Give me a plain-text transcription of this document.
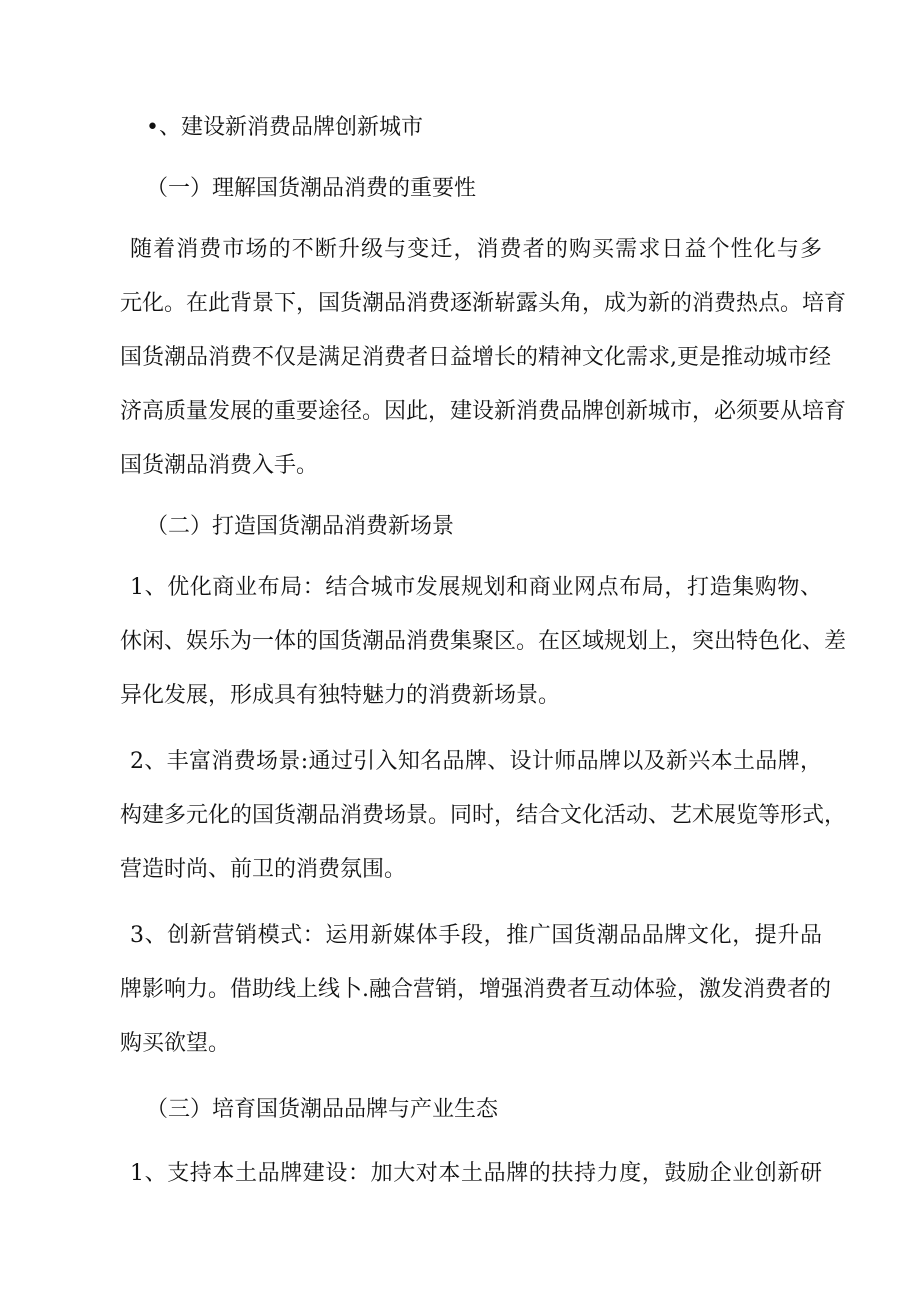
•、建设新消费品牌创新城市
（一）理解国货潮品消费的重要性
随着消费市场的不断升级与变迁，消费者的购买需求日益个性化与多
元化。在此背景下，国货潮品消费逐渐崭露头角，成为新的消费热点。培育
国货潮品消费不仅是满足消费者日益增长的精神文化需求,更是推动城市经
济高质量发展的重要途径。因此，建设新消费品牌创新城市，必须要从培育
国货潮品消费入手。
（二）打造国货潮品消费新场景
1、优化商业布局：结合城市发展规划和商业网点布局，打造集购物、
休闲、娱乐为一体的国货潮品消费集聚区。在区域规划上，突出特色化、差
异化发展，形成具有独特魅力的消费新场景。
2、丰富消费场景:通过引入知名品牌、设计师品牌以及新兴本土品牌，
构建多元化的国货潮品消费场景。同时，结合文化活动、艺术展览等形式，
营造时尚、前卫的消费氛围。
3、创新营销模式：运用新媒体手段，推广国货潮品品牌文化，提升品
牌影响力。借助线上线卜.融合营销，增强消费者互动体验，激发消费者的
购买欲望。
（三）培育国货潮品品牌与产业生态
1、支持本土品牌建设：加大对本土品牌的扶持力度，鼓励企业创新研
